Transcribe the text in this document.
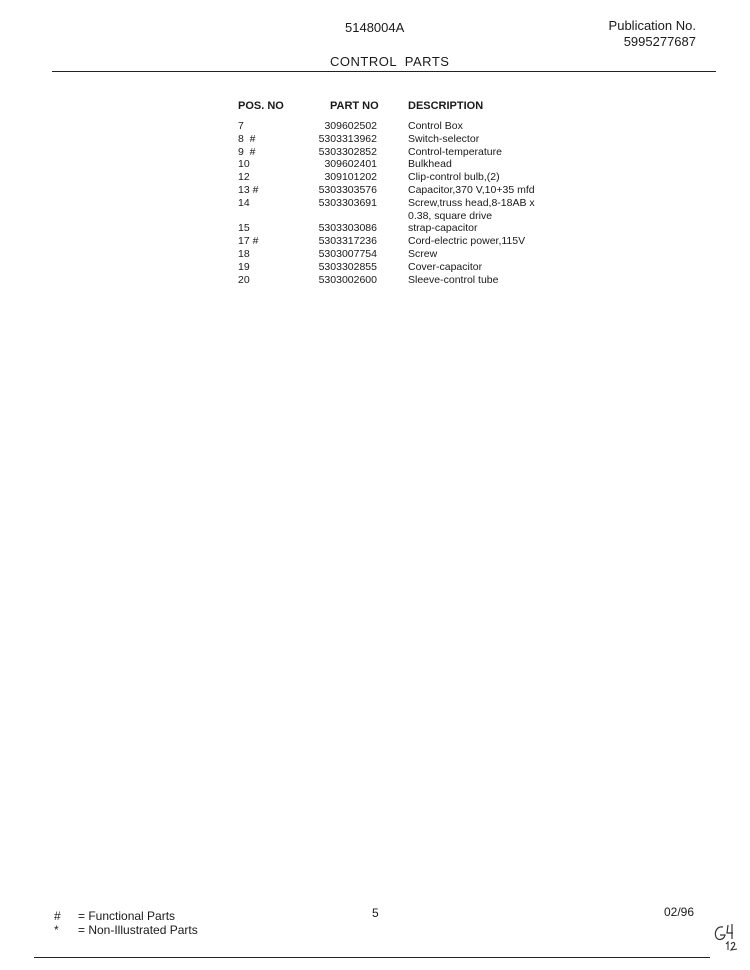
5148004A	Publication No.
5995277687
CONTROL  PARTS
POS. NO	PART NO	DESCRIPTION
7	309602502	Control Box
8  #	5303313962	Switch-selector
9  #	5303302852	Control-temperature
10	309602401	Bulkhead
12	309101202	Clip-control bulb,(2)
13 #	5303303576	Capacitor,370 V,10+35 mfd
14	5303303691	Screw,truss head,8-18AB x 0.38, square drive
15	5303303086	strap-capacitor
17 #	5303317236	Cord-electric power,115V
18	5303007754	Screw
19	5303302855	Cover-capacitor
20	5303002600	Sleeve-control tube
# = Functional Parts
* = Non-Illustrated Parts
5	02/96
